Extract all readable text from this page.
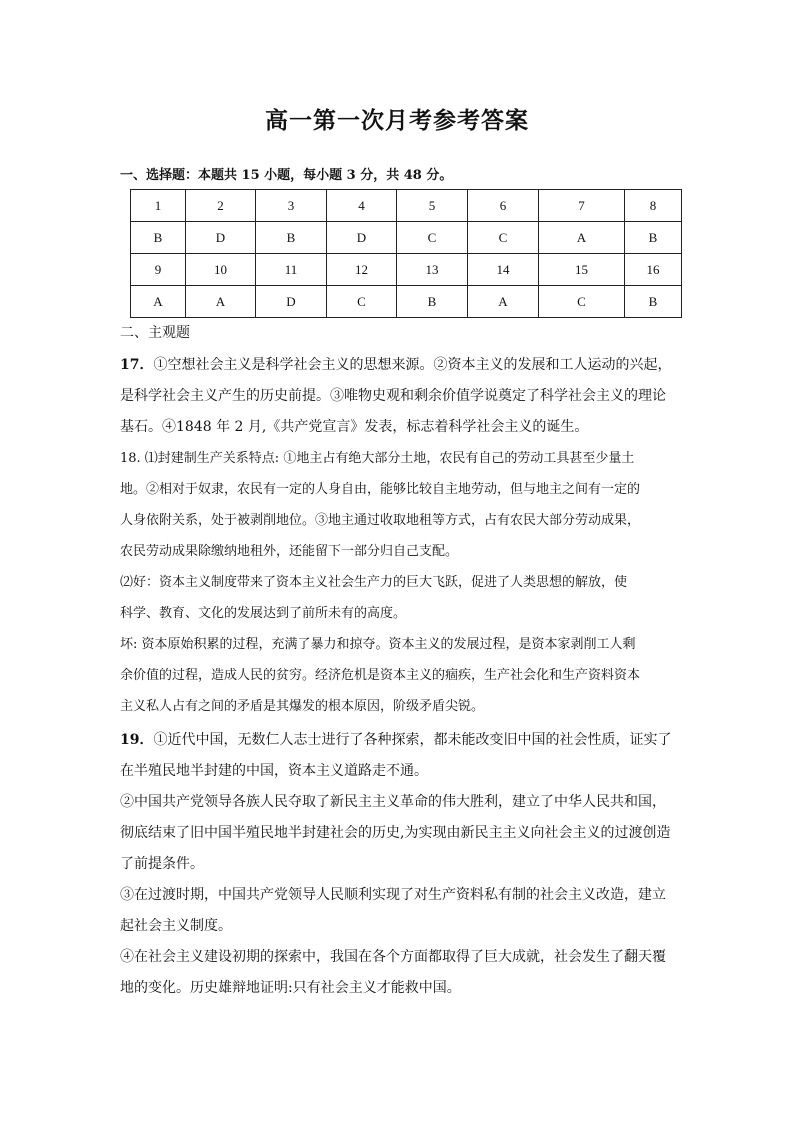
高一第一次月考参考答案
一、选择题：本题共 15 小题，每小题 3 分，共 48 分。
1	2	3	4	5	6	7	8
B	D	B	D	C	C	A	B
9	10	11	12	13	14	15	16
A	A	D	C	B	A	C	B
二、主观题

17．①空想社会主义是科学社会主义的思想来源。②资本主义的发展和工人运动的兴起，

是科学社会主义产生的历史前提。③唯物史观和剩余价值学说奠定了科学社会主义的理论

基石。④1848 年 2 月,《共产党宣言》发表，标志着科学社会主义的诞生。

18. ⑴封建制生产关系特点: ①地主占有绝大部分土地，农民有自己的劳动工具甚至少量土

地。②相对于奴隶，农民有一定的人身自由，能够比较自主地劳动，但与地主之间有一定的

人身依附关系，处于被剥削地位。③地主通过收取地租等方式，占有农民大部分劳动成果，

农民劳动成果除缴纳地租外，还能留下一部分归自己支配。

⑵好：资本主义制度带来了资本主义社会生产力的巨大飞跃，促进了人类思想的解放，使

科学、教育、文化的发展达到了前所未有的高度。

坏: 资本原始积累的过程，充满了暴力和掠夺。资本主义的发展过程，是资本家剥削工人剩

余价值的过程，造成人民的贫穷。经济危机是资本主义的痼疾，生产社会化和生产资料资本

主义私人占有之间的矛盾是其爆发的根本原因，阶级矛盾尖锐。

19．①近代中国，无数仁人志士进行了各种探索，都未能改变旧中国的社会性质，证实了

在半殖民地半封建的中国，资本主义道路走不通。

②中国共产党领导各族人民夺取了新民主主义革命的伟大胜利，建立了中华人民共和国，

彻底结束了旧中国半殖民地半封建社会的历史,为实现由新民主主义向社会主义的过渡创造

了前提条件。

③在过渡时期，中国共产党领导人民顺利实现了对生产资料私有制的社会主义改造，建立

起社会主义制度。

④在社会主义建设初期的探索中，我国在各个方面都取得了巨大成就，社会发生了翻天覆

地的变化。历史雄辩地证明:只有社会主义才能救中国。
